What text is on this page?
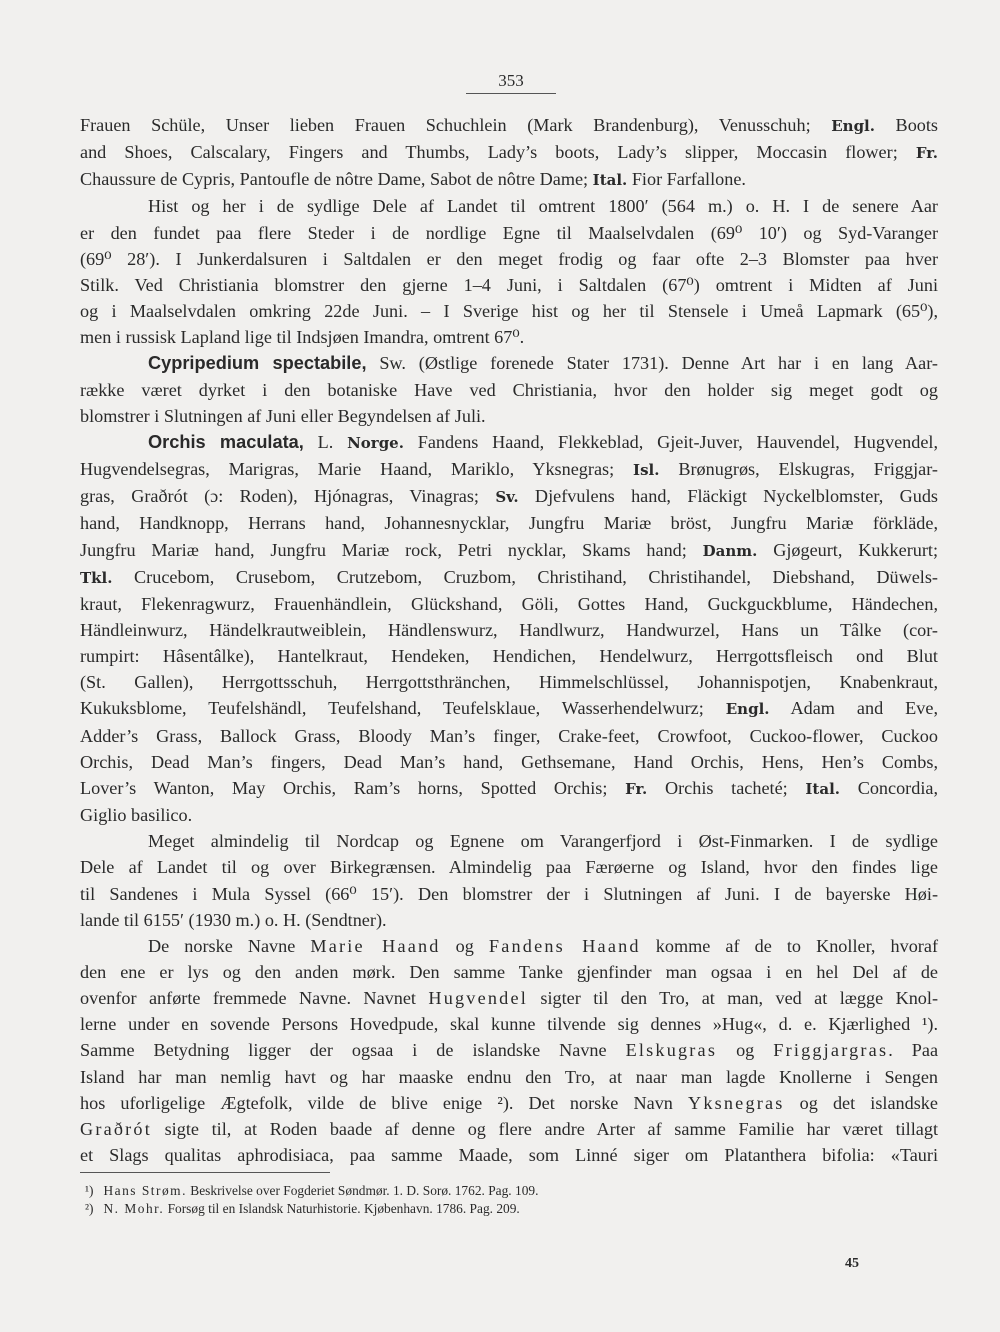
353
Frauen Schüle, Unser lieben Frauen Schuchlein (Mark Brandenburg), Venusschuh; Engl. Boots
and Shoes, Calscalary, Fingers and Thumbs, Lady’s boots, Lady’s slipper, Moccasin flower; Fr.
Chaussure de Cypris, Pantoufle de nôtre Dame, Sabot de nôtre Dame; Ital. Fior Farfallone.
Hist og her i de sydlige Dele af Landet til omtrent 1800′ (564 m.) o. H. I de senere Aar
er den fundet paa flere Steder i de nordlige Egne til Maalselvdalen (69⁰ 10′) og Syd-Varanger
(69⁰ 28′). I Junkerdalsuren i Saltdalen er den meget frodig og faar ofte 2–3 Blomster paa hver
Stilk. Ved Christiania blomstrer den gjerne 1–4 Juni, i Saltdalen (67⁰) omtrent i Midten af Juni
og i Maalselvdalen omkring 22de Juni. – I Sverige hist og her til Stensele i Umeå Lapmark (65⁰),
men i russisk Lapland lige til Indsjøen Imandra, omtrent 67⁰.
Cypripedium spectabile, Sw. (Østlige forenede Stater 1731). Denne Art har i en lang Aar-
række været dyrket i den botaniske Have ved Christiania, hvor den holder sig meget godt og
blomstrer i Slutningen af Juni eller Begyndelsen af Juli.
Orchis maculata, L. Norge. Fandens Haand, Flekkeblad, Gjeit-Juver, Hauvendel, Hugvendel,
Hugvendelsegras, Marigras, Marie Haand, Mariklo, Yksnegras; Isl. Brønugrøs, Elskugras, Friggjar-
gras, Graðrót (ɔ: Roden), Hjónagras, Vinagras; Sv. Djefvulens hand, Fläckigt Nyckelblomster, Guds
hand, Handknopp, Herrans hand, Johannesnycklar, Jungfru Mariæ bröst, Jungfru Mariæ förkläde,
Jungfru Mariæ hand, Jungfru Mariæ rock, Petri nycklar, Skams hand; Danm. Gjøgeurt, Kukkerurt;
Tkl. Crucebom, Crusebom, Crutzebom, Cruzbom, Christihand, Christihandel, Diebshand, Düwels-
kraut, Flekenragwurz, Frauenhändlein, Glückshand, Göli, Gottes Hand, Guckguckblume, Händechen,
Händleinwurz, Händelkrautweiblein, Händlenswurz, Handlwurz, Handwurzel, Hans un Tâlke (cor-
rumpirt: Hâsentâlke), Hantelkraut, Hendeken, Hendichen, Hendelwurz, Herrgottsfleisch ond Blut
(St. Gallen), Herrgottsschuh, Herrgottsthränchen, Himmelschlüssel, Johannispotjen, Knabenkraut,
Kukuksblome, Teufelshändl, Teufelshand, Teufelsklaue, Wasserhendelwurz; Engl. Adam and Eve,
Adder’s Grass, Ballock Grass, Bloody Man’s finger, Crake-feet, Crowfoot, Cuckoo-flower, Cuckoo
Orchis, Dead Man’s fingers, Dead Man’s hand, Gethsemane, Hand Orchis, Hens, Hen’s Combs,
Lover’s Wanton, May Orchis, Ram’s horns, Spotted Orchis; Fr. Orchis tacheté; Ital. Concordia,
Giglio basilico.
Meget almindelig til Nordcap og Egnene om Varangerfjord i Øst-Finmarken. I de sydlige
Dele af Landet til og over Birkegrænsen. Almindelig paa Færøerne og Island, hvor den findes lige
til Sandenes i Mula Syssel (66⁰ 15′). Den blomstrer der i Slutningen af Juni. I de bayerske Høi-
lande til 6155′ (1930 m.) o. H. (Sendtner).
De norske Navne Marie Haand og Fandens Haand komme af de to Knoller, hvoraf
den ene er lys og den anden mørk. Den samme Tanke gjenfinder man ogsaa i en hel Del af de
ovenfor anførte fremmede Navne. Navnet Hugvendel sigter til den Tro, at man, ved at lægge Knol-
lerne under en sovende Persons Hovedpude, skal kunne tilvende sig dennes »Hug«, d. e. Kjærlighed ¹).
Samme Betydning ligger der ogsaa i de islandske Navne Elskugras og Friggjargras. Paa
Island har man nemlig havt og har maaske endnu den Tro, at naar man lagde Knollerne i Sengen
hos uforligelige Ægtefolk, vilde de blive enige ²). Det norske Navn Yksnegras og det islandske
Graðrót sigte til, at Roden baade af denne og flere andre Arter af samme Familie har været tillagt
et Slags qualitas aphrodisiaca, paa samme Maade, som Linné siger om Platanthera bifolia: «Tauri
¹) Hans Strøm. Beskrivelse over Fogderiet Søndmør. 1. D. Sorø. 1762. Pag. 109.
²) N. Mohr. Forsøg til en Islandsk Naturhistorie. Kjøbenhavn. 1786. Pag. 209.
45
